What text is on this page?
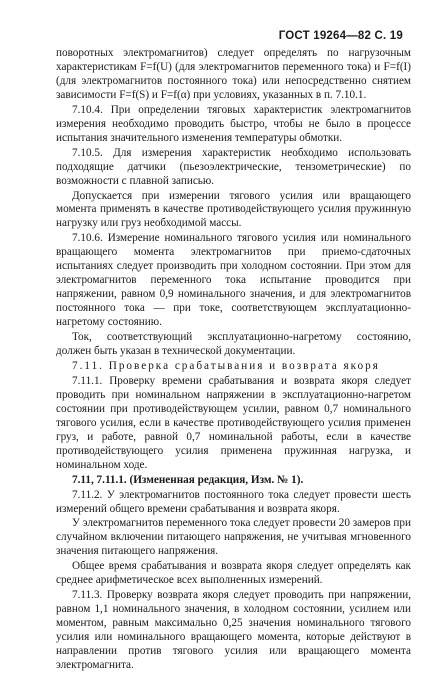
ГОСТ 19264—82 С. 19

поворотных электромагнитов) следует определять по нагрузочным характеристикам F=f(U) (для электромагнитов переменного тока) и F=f(I) (для электромагнитов постоянного тока) или непосредственно снятием зависимости F=f(S) и F=f(α) при условиях, указанных в п. 7.10.1.

7.10.4. При определении тяговых характеристик электромагнитов измерения необходимо проводить быстро, чтобы не было в процессе испытания значительного изменения температуры обмотки.

7.10.5. Для измерения характеристик необходимо использовать подходящие датчики (пьезоэлектрические, тензометрические) по возможности с плавной записью.

Допускается при измерении тягового усилия или вращающего момента применять в качестве противодействующего усилия пружинную нагрузку или груз необходимой массы.

7.10.6. Измерение номинального тягового усилия или номинального вращающего момента электромагнитов при приемо-сдаточных испытаниях следует производить при холодном состоянии. При этом для электромагнитов переменного тока испытание проводится при напряжении, равном 0,9 номинального значения, и для электромагнитов постоянного тока — при токе, соответствующем эксплуатационно-нагретому состоянию.

Ток, соответствующий эксплуатационно-нагретому состоянию, должен быть указан в технической документации.

7.11. Проверка срабатывания и возврата якоря

7.11.1. Проверку времени срабатывания и возврата якоря следует проводить при номинальном напряжении в эксплуатационно-нагретом состоянии при противодействующем усилии, равном 0,7 номинального тягового усилия, если в качестве противодействующего усилия применен груз, и работе, равной 0,7 номинальной работы, если в качестве противодействующего усилия применена пружинная нагрузка, и номинальном ходе.

7.11, 7.11.1. (Измененная редакция, Изм. № 1).

7.11.2. У электромагнитов постоянного тока следует провести шесть измерений общего времени срабатывания и возврата якоря.

У электромагнитов переменного тока следует провести 20 замеров при случайном включении питающего напряжения, не учитывая мгновенного значения питающего напряжения.

Общее время срабатывания и возврата якоря следует определять как среднее арифметическое всех выполненных измерений.

7.11.3. Проверку возврата якоря следует проводить при напряжении, равном 1,1 номинального значения, в холодном состоянии, усилием или моментом, равным максимально 0,25 значения номинального тягового усилия или номинального вращающего момента, которые действуют в направлении против тягового усилия или вращающего момента электромагнита.
